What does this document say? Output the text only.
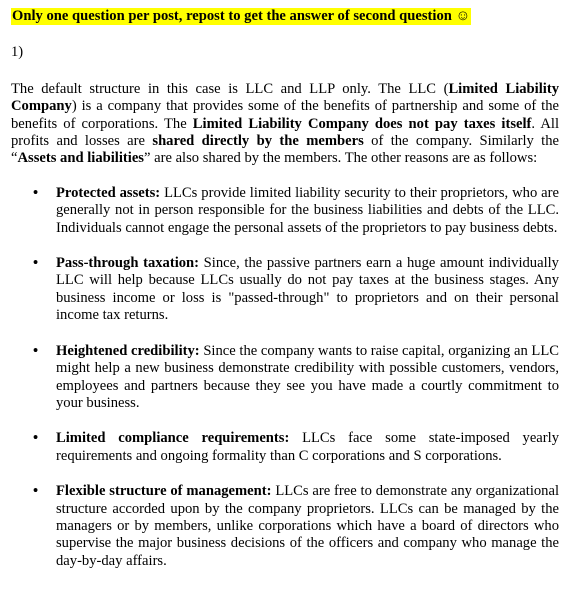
Only one question per post, repost to get the answer of second question ☺
1)
The default structure in this case is LLC and LLP only. The LLC (Limited Liability Company) is a company that provides some of the benefits of partnership and some of the benefits of corporations. The Limited Liability Company does not pay taxes itself. All profits and losses are shared directly by the members of the company. Similarly the “Assets and liabilities” are also shared by the members. The other reasons are as follows:
• Protected assets: LLCs provide limited liability security to their proprietors, who are generally not in person responsible for the business liabilities and debts of the LLC. Individuals cannot engage the personal assets of the proprietors to pay business debts.
• Pass-through taxation: Since, the passive partners earn a huge amount individually LLC will help because LLCs usually do not pay taxes at the business stages. Any business income or loss is "passed-through" to proprietors and on their personal income tax returns.
• Heightened credibility: Since the company wants to raise capital, organizing an LLC might help a new business demonstrate credibility with possible customers, vendors, employees and partners because they see you have made a courtly commitment to your business.
• Limited compliance requirements: LLCs face some state-imposed yearly requirements and ongoing formality than C corporations and S corporations.
• Flexible structure of management: LLCs are free to demonstrate any organizational structure accorded upon by the company proprietors. LLCs can be managed by the managers or by members, unlike corporations which have a board of directors who supervise the major business decisions of the officers and company who manage the day-by-day affairs.
